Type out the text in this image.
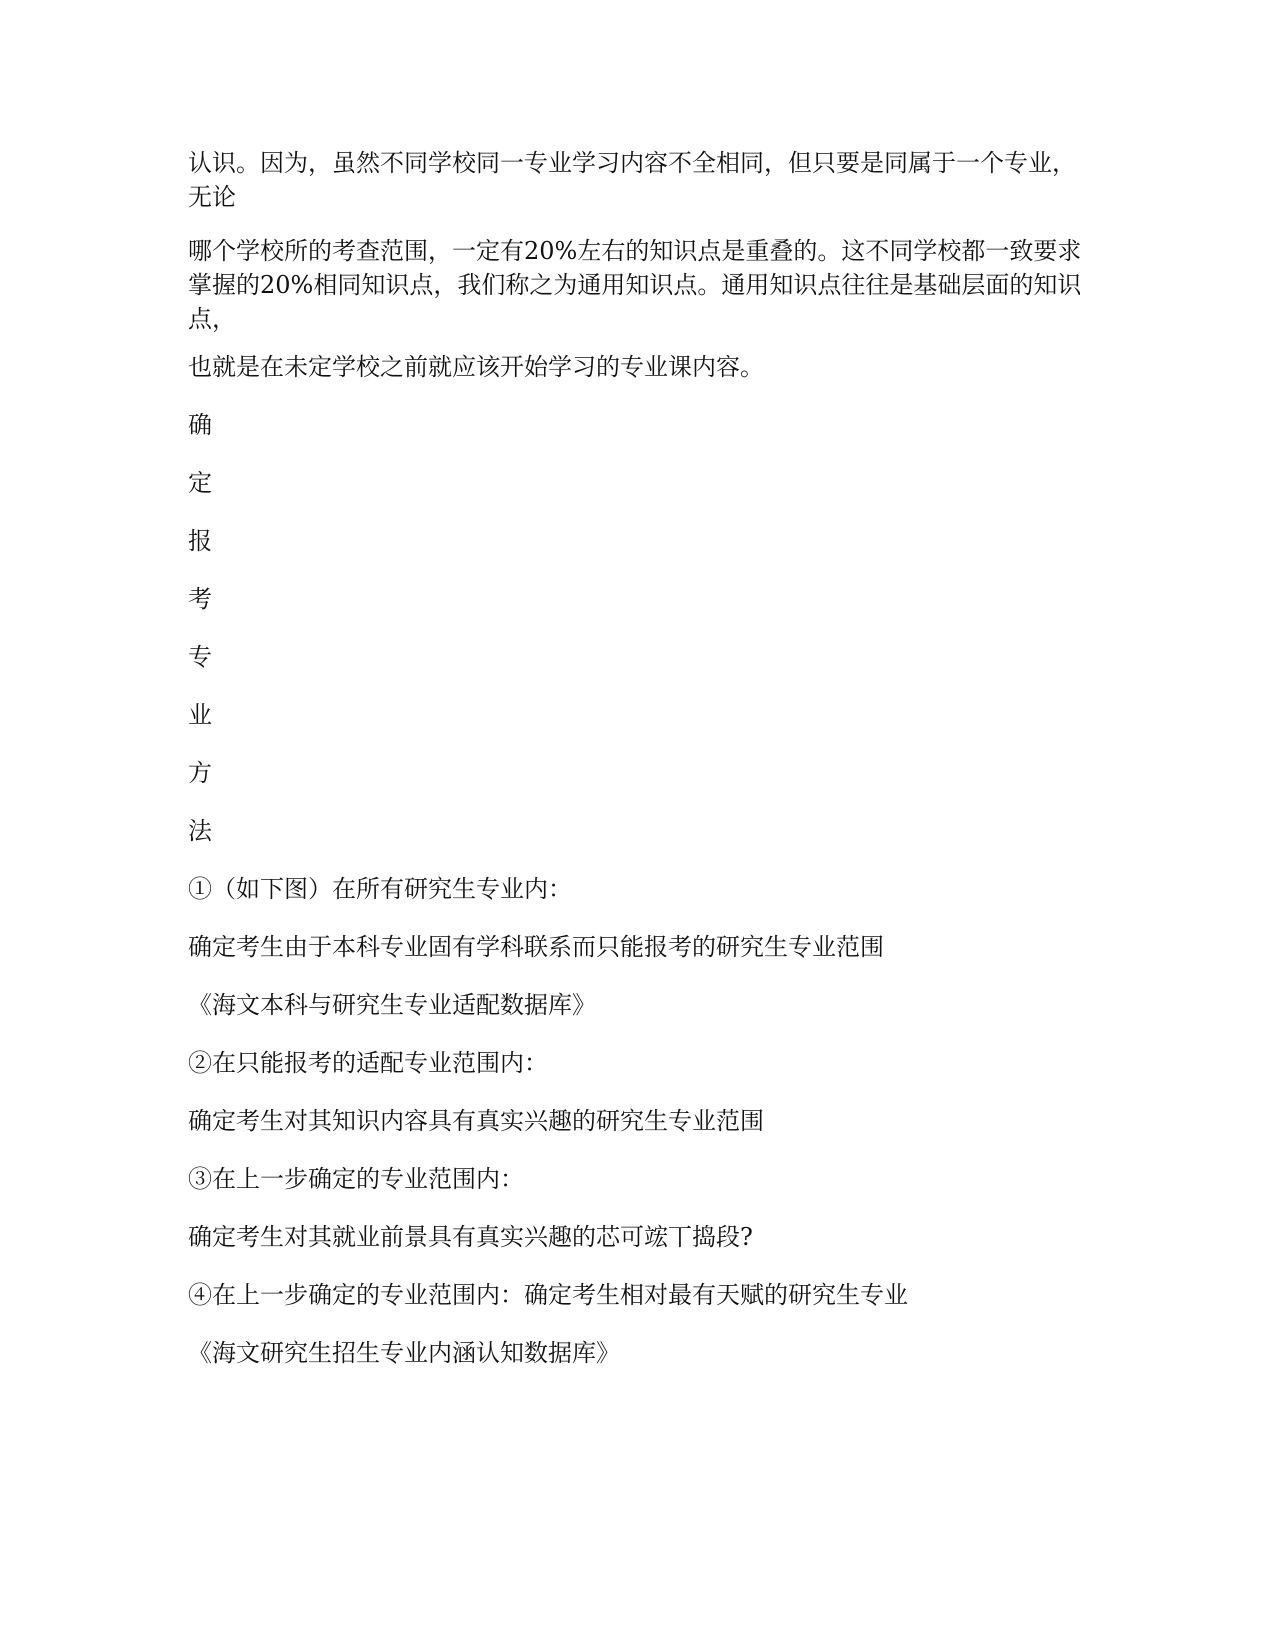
认识。因为，虽然不同学校同一专业学习内容不全相同，但只要是同属于一个专业，无论

哪个学校所的考查范围，一定有20%左右的知识点是重叠的。这不同学校都一致要求掌握的20%相同知识点，我们称之为通用知识点。通用知识点往往是基础层面的知识点，

也就是在未定学校之前就应该开始学习的专业课内容。

确

定

报

考

专

业

方

法

①（如下图）在所有研究生专业内：

确定考生由于本科专业固有学科联系而只能报考的研究生专业范围

《海文本科与研究生专业适配数据库》

②在只能报考的适配专业范围内：

确定考生对其知识内容具有真实兴趣的研究生专业范围

③在上一步确定的专业范围内：

确定考生对其就业前景具有真实兴趣的芯可竤丅捣段?

④在上一步确定的专业范围内：确定考生相对最有天赋的研究生专业

《海文研究生招生专业内涵认知数据库》
